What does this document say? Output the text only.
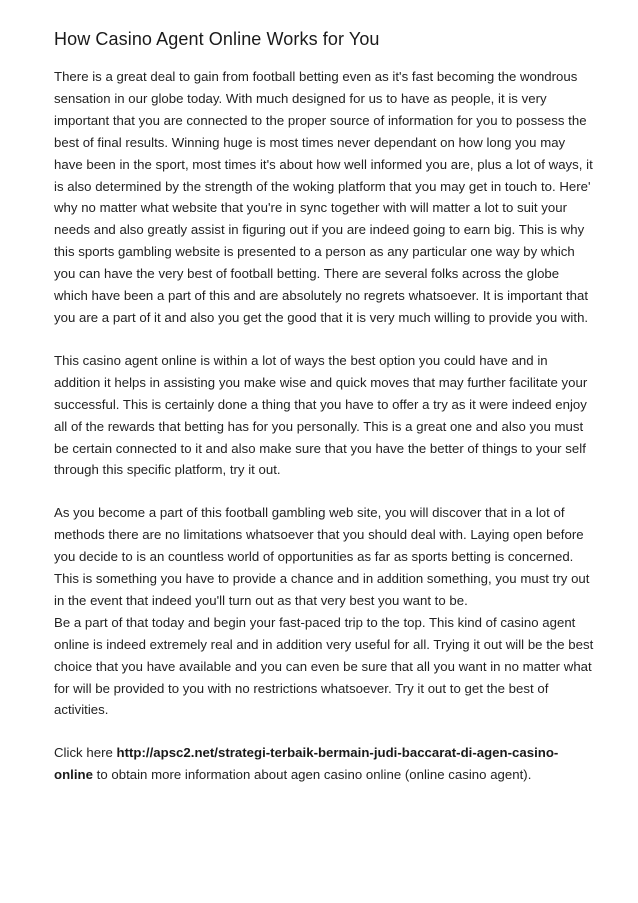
How Casino Agent Online Works for You

There is a great deal to gain from football betting even as it's fast becoming the wondrous sensation in our globe today. With much designed for us to have as people, it is very important that you are connected to the proper source of information for you to possess the best of final results. Winning huge is most times never dependant on how long you may have been in the sport, most times it's about how well informed you are, plus a lot of ways, it is also determined by the strength of the woking platform that you may get in touch to. Here' why no matter what website that you're in sync together with will matter a lot to suit your needs and also greatly assist in figuring out if you are indeed going to earn big. This is why this sports gambling website is presented to a person as any particular one way by which you can have the very best of football betting. There are several folks across the globe which have been a part of this and are absolutely no regrets whatsoever. It is important that you are a part of it and also you get the good that it is very much willing to provide you with.

This casino agent online is within a lot of ways the best option you could have and in addition it helps in assisting you make wise and quick moves that may further facilitate your successful. This is certainly done a thing that you have to offer a try as it were indeed enjoy all of the rewards that betting has for you personally. This is a great one and also you must be certain connected to it and also make sure that you have the better of things to your self through this specific platform, try it out.

As you become a part of this football gambling web site, you will discover that in a lot of methods there are no limitations whatsoever that you should deal with. Laying open before you decide to is an countless world of opportunities as far as sports betting is concerned. This is something you have to provide a chance and in addition something, you must try out in the event that indeed you'll turn out as that very best you want to be.

Be a part of that today and begin your fast-paced trip to the top. This kind of casino agent online is indeed extremely real and in addition very useful for all. Trying it out will be the best choice that you have available and you can even be sure that all you want in no matter what for will be provided to you with no restrictions whatsoever. Try it out to get the best of activities.

Click here http://apsc2.net/strategi-terbaik-bermain-judi-baccarat-di-agen-casino-online to obtain more information about agen casino online (online casino agent).
